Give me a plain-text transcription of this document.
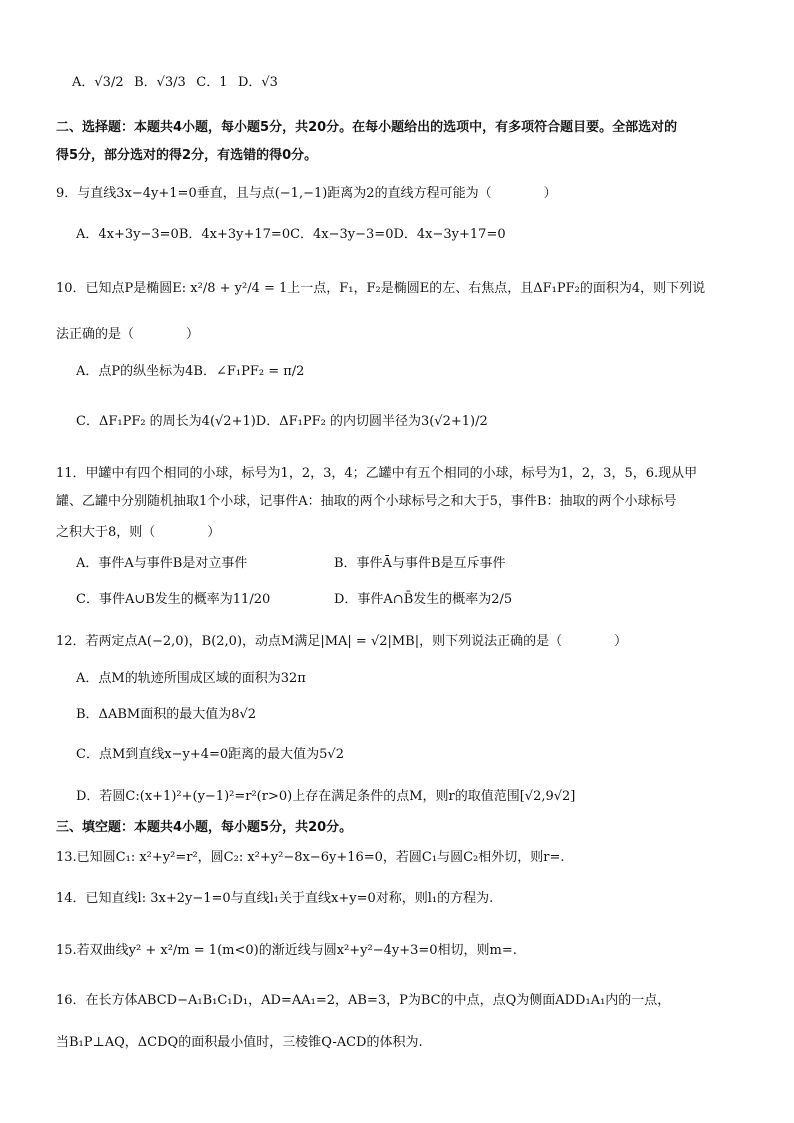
A．√3/2 B．√3/3 C．1 D．√3
二、选择题：本题共4小题，每小题5分，共20分。在每小题给出的选项中，有多项符合题目要。全部选对的
得5分，部分选对的得2分，有选错的得0分。
9．与直线3x−4y+1=0垂直，且与点(−1,−1)距离为2的直线方程可能为（　　　　）
A．4x+3y−3=0B．4x+3y+17=0C．4x−3y−3=0D．4x−3y+17=0
10．已知点P是椭圆E: x²/8 + y²/4 = 1上一点，F₁，F₂是椭圆E的左、右焦点，且ΔF₁PF₂的面积为4，则下列说
法正确的是（　　　　）
A．点P的纵坐标为4B．∠F₁PF₂ = π/2
C．ΔF₁PF₂ 的周长为4(√2+1)D．ΔF₁PF₂ 的内切圆半径为3(√2+1)/2
11．甲罐中有四个相同的小球，标号为1，2，3，4；乙罐中有五个相同的小球，标号为1，2，3，5，6.现从甲
罐、乙罐中分别随机抽取1个小球，记事件A：抽取的两个小球标号之和大于5，事件B：抽取的两个小球标号
之积大于8，则（　　　　）
A．事件A与事件B是对立事件	B．事件Ā与事件B是互斥事件
C．事件A∪B发生的概率为11/20	D．事件A∩B̄发生的概率为2/5
12．若两定点A(−2,0)，B(2,0)，动点M满足|MA| = √2|MB|，则下列说法正确的是（　　　　）
A．点M的轨迹所围成区域的面积为32π
B．ΔABM面积的最大值为8√2
C．点M到直线x−y+4=0距离的最大值为5√2
D．若圆C:(x+1)²+(y−1)²=r²(r>0)上存在满足条件的点M，则r的取值范围[√2,9√2]
三、填空题：本题共4小题，每小题5分，共20分。
13.已知圆C₁: x²+y²=r²，圆C₂: x²+y²−8x−6y+16=0，若圆C₁与圆C₂相外切，则r=.
14．已知直线l: 3x+2y−1=0与直线l₁关于直线x+y=0对称，则l₁的方程为.
15.若双曲线y² + x²/m = 1(m<0)的渐近线与圆x²+y²−4y+3=0相切，则m=.
16．在长方体ABCD−A₁B₁C₁D₁，AD=AA₁=2，AB=3，P为BC的中点，点Q为侧面ADD₁A₁内的一点，
当B₁P⊥AQ，ΔCDQ的面积最小值时，三棱锥Q-ACD的体积为.
